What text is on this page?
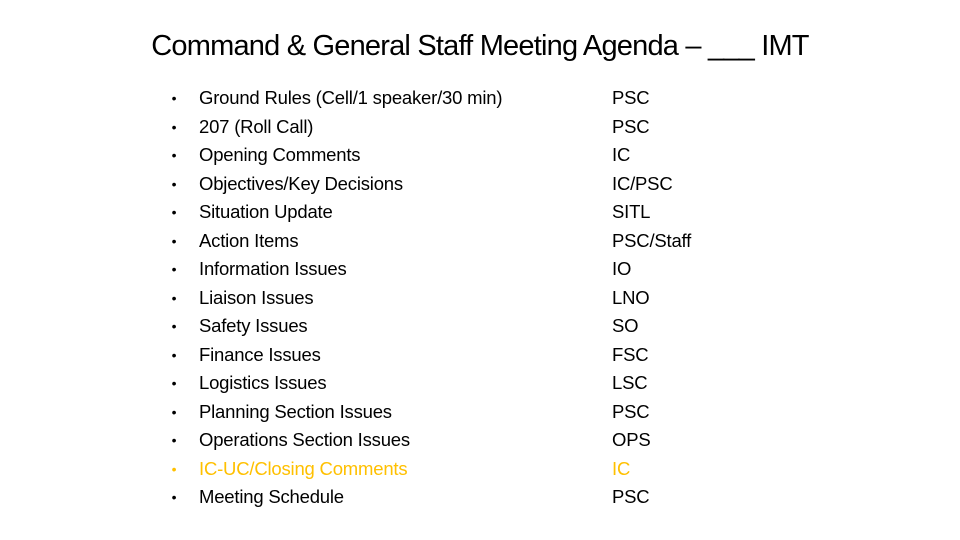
Command & General Staff Meeting Agenda – ___ IMT
• Ground Rules (Cell/1 speaker/30 min)	PSC
• 207 (Roll Call)	PSC
• Opening Comments	IC
• Objectives/Key Decisions	IC/PSC
• Situation Update	SITL
• Action Items	PSC/Staff
• Information Issues	IO
• Liaison Issues	LNO
• Safety Issues	SO
• Finance Issues	FSC
• Logistics Issues	LSC
• Planning Section Issues	PSC
• Operations Section Issues	OPS
• IC-UC/Closing Comments	IC
• Meeting Schedule	PSC
